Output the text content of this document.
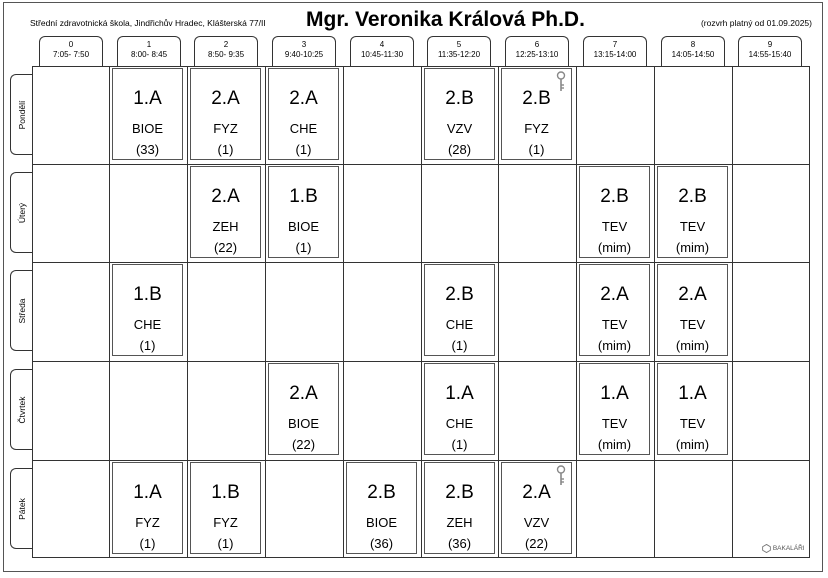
Střední zdravotnická škola, Jindřichův Hradec, Klášterská 77/II Mgr. Veronika Králová Ph.D.	(rozvrh platný od 01.09.2025)
0
7:05- 7:50
1
8:00- 8:45
2
8:50- 9:35
3
9:40-10:25
4
10:45-11:30
5
11:35-12:20
6
12:25-13:10
7
13:15-14:00
8
14:05-14:50
9
14:55-15:40
Pondělí
Úterý
Středa
Čtvrtek
Pátek
1.A
BIOE
(33)
2.A
FYZ
(1)
2.A
CHE
(1)
2.B
VZV
(28)
2.B
FYZ
(1)
2.A
ZEH
(22)
1.B
BIOE
(1)
2.B
TEV
(mim)
2.B
TEV
(mim)
1.B
CHE
(1)
2.B
CHE
(1)
2.A
TEV
(mim)
2.A
TEV
(mim)
2.A
BIOE
(22)
1.A
CHE
(1)
1.A
TEV
(mim)
1.A
TEV
(mim)
1.A
FYZ
(1)
1.B
FYZ
(1)
2.B
BIOE
(36)
2.B
ZEH
(36)
2.A
VZV
(22)	BAKALÁŘI
